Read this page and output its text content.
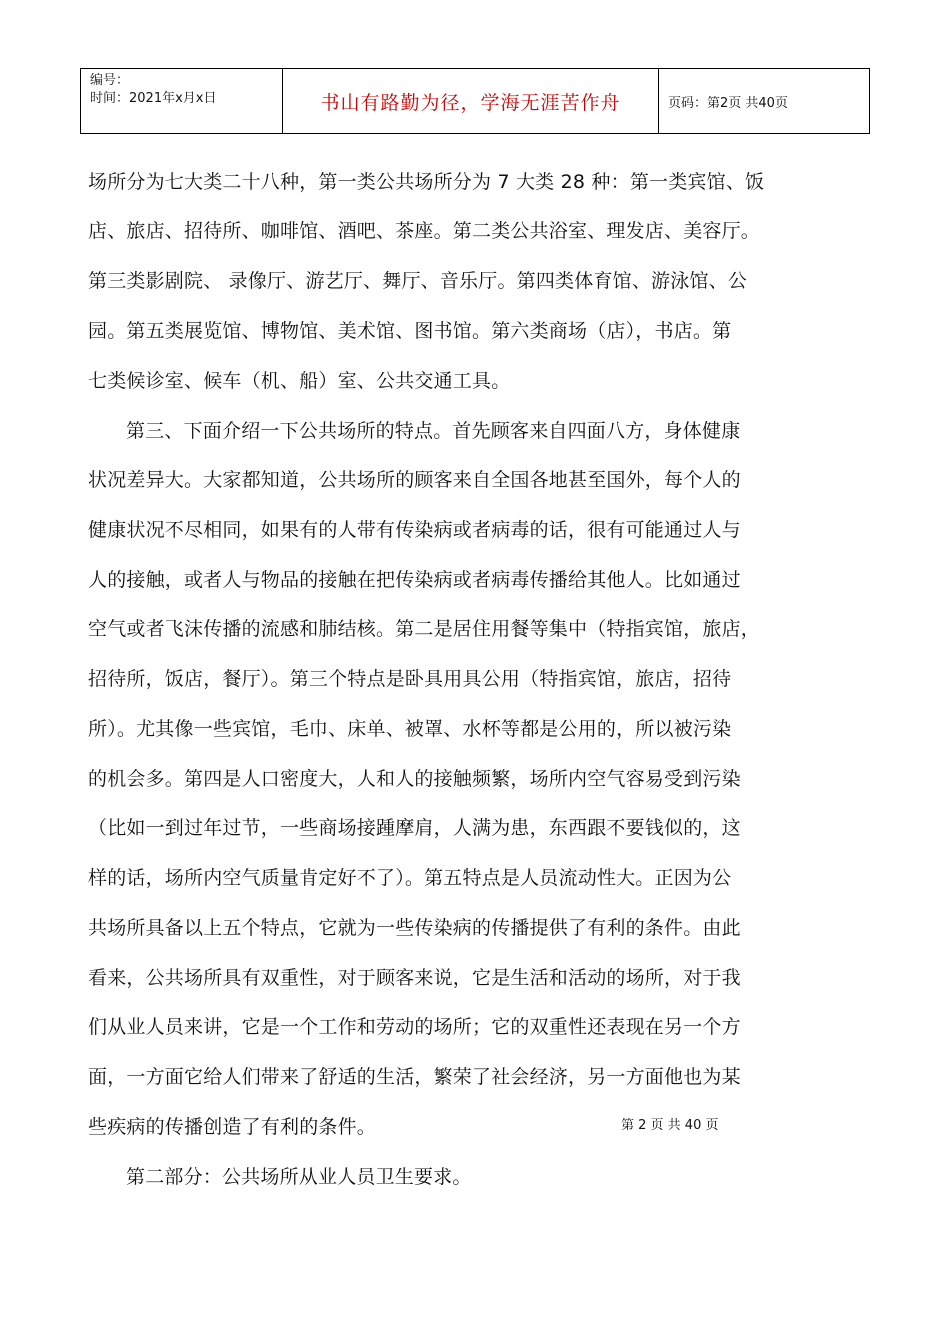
编号：
时间：2021年x月x日	书山有路勤为径，学海无涯苦作舟	页码：第2页 共40页
场所分为七大类二十八种，第一类公共场所分为 7 大类 28 种：第一类宾馆、饭
店、旅店、招待所、咖啡馆、酒吧、茶座。第二类公共浴室、理发店、美容厅。
第三类影剧院、 录像厅、游艺厅、舞厅、音乐厅。第四类体育馆、游泳馆、公
园。第五类展览馆、博物馆、美术馆、图书馆。第六类商场（店），书店。第
七类候诊室、候车（机、船）室、公共交通工具。
第三、下面介绍一下公共场所的特点。首先顾客来自四面八方，身体健康
状况差异大。大家都知道，公共场所的顾客来自全国各地甚至国外，每个人的
健康状况不尽相同，如果有的人带有传染病或者病毒的话，很有可能通过人与
人的接触，或者人与物品的接触在把传染病或者病毒传播给其他人。比如通过
空气或者飞沫传播的流感和肺结核。第二是居住用餐等集中（特指宾馆，旅店，
招待所，饭店，餐厅）。第三个特点是卧具用具公用（特指宾馆，旅店，招待
所）。尤其像一些宾馆，毛巾、床单、被罩、水杯等都是公用的，所以被污染
的机会多。第四是人口密度大，人和人的接触频繁，场所内空气容易受到污染
（比如一到过年过节，一些商场接踵摩肩，人满为患，东西跟不要钱似的，这
样的话，场所内空气质量肯定好不了）。第五特点是人员流动性大。正因为公
共场所具备以上五个特点，它就为一些传染病的传播提供了有利的条件。由此
看来，公共场所具有双重性，对于顾客来说，它是生活和活动的场所，对于我
们从业人员来讲，它是一个工作和劳动的场所；它的双重性还表现在另一个方
面，一方面它给人们带来了舒适的生活，繁荣了社会经济，另一方面他也为某
些疾病的传播创造了有利的条件。
第二部分：公共场所从业人员卫生要求。
第 2 页 共 40 页
